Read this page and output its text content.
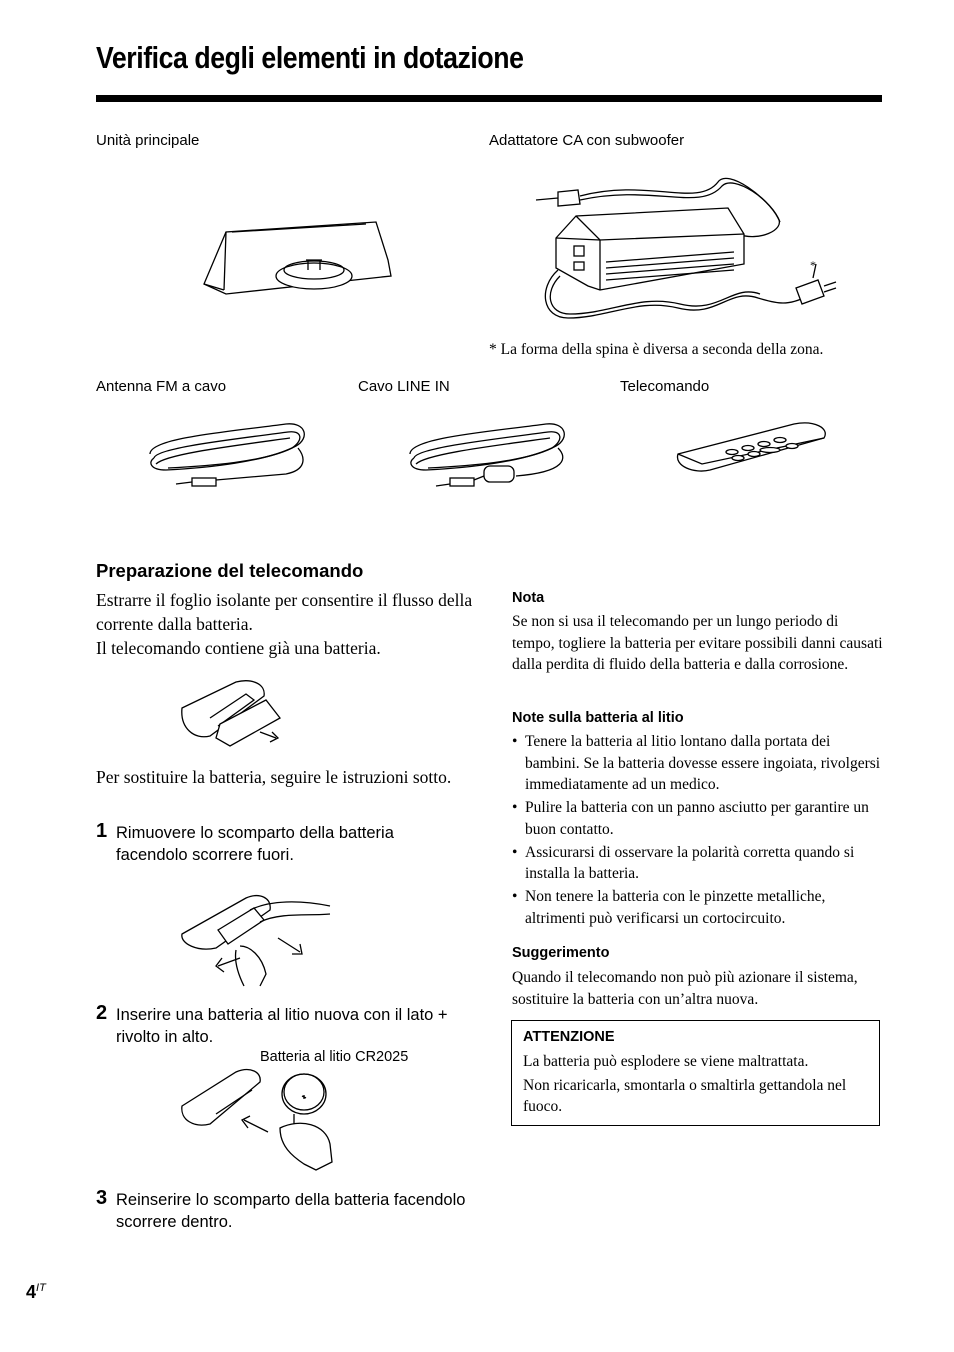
Verifica degli elementi in dotazione
Unità principale	Adattatore CA con subwoofer
Antenna FM a cavo	Cavo LINE IN	Telecomando
*
* La forma della spina è diversa a seconda della zona.
Preparazione del telecomando
Estrarre il foglio isolante per consentire il flusso della corrente dalla batteria.
Il telecomando contiene già una batteria.
Per sostituire la batteria, seguire le istruzioni sotto.
1 Rimuovere lo scomparto della batteria facendolo scorrere fuori.
2 Inserire una batteria al litio nuova con il lato + rivolto in alto.
Batteria al litio CR2025
3 Reinserire lo scomparto della batteria facendolo scorrere dentro.
Nota
Se non si usa il telecomando per un lungo periodo di tempo, togliere la batteria per evitare possibili danni causati dalla perdita di fluido della batteria e dalla corrosione.
Note sulla batteria al litio
• Tenere la batteria al litio lontano dalla portata dei bambini. Se la batteria dovesse essere ingoiata, rivolgersi immediatamente ad un medico.
• Pulire la batteria con un panno asciutto per garantire un buon contatto.
• Assicurarsi di osservare la polarità corretta quando si installa la batteria.
• Non tenere la batteria con le pinzette metalliche, altrimenti può verificarsi un cortocircuito.
Suggerimento
Quando il telecomando non può più azionare il sistema, sostituire la batteria con un’altra nuova.
ATTENZIONE
La batteria può esplodere se viene maltrattata.
Non ricaricarla, smontarla o smaltirla gettandola nel fuoco.
$4^{IT}$
